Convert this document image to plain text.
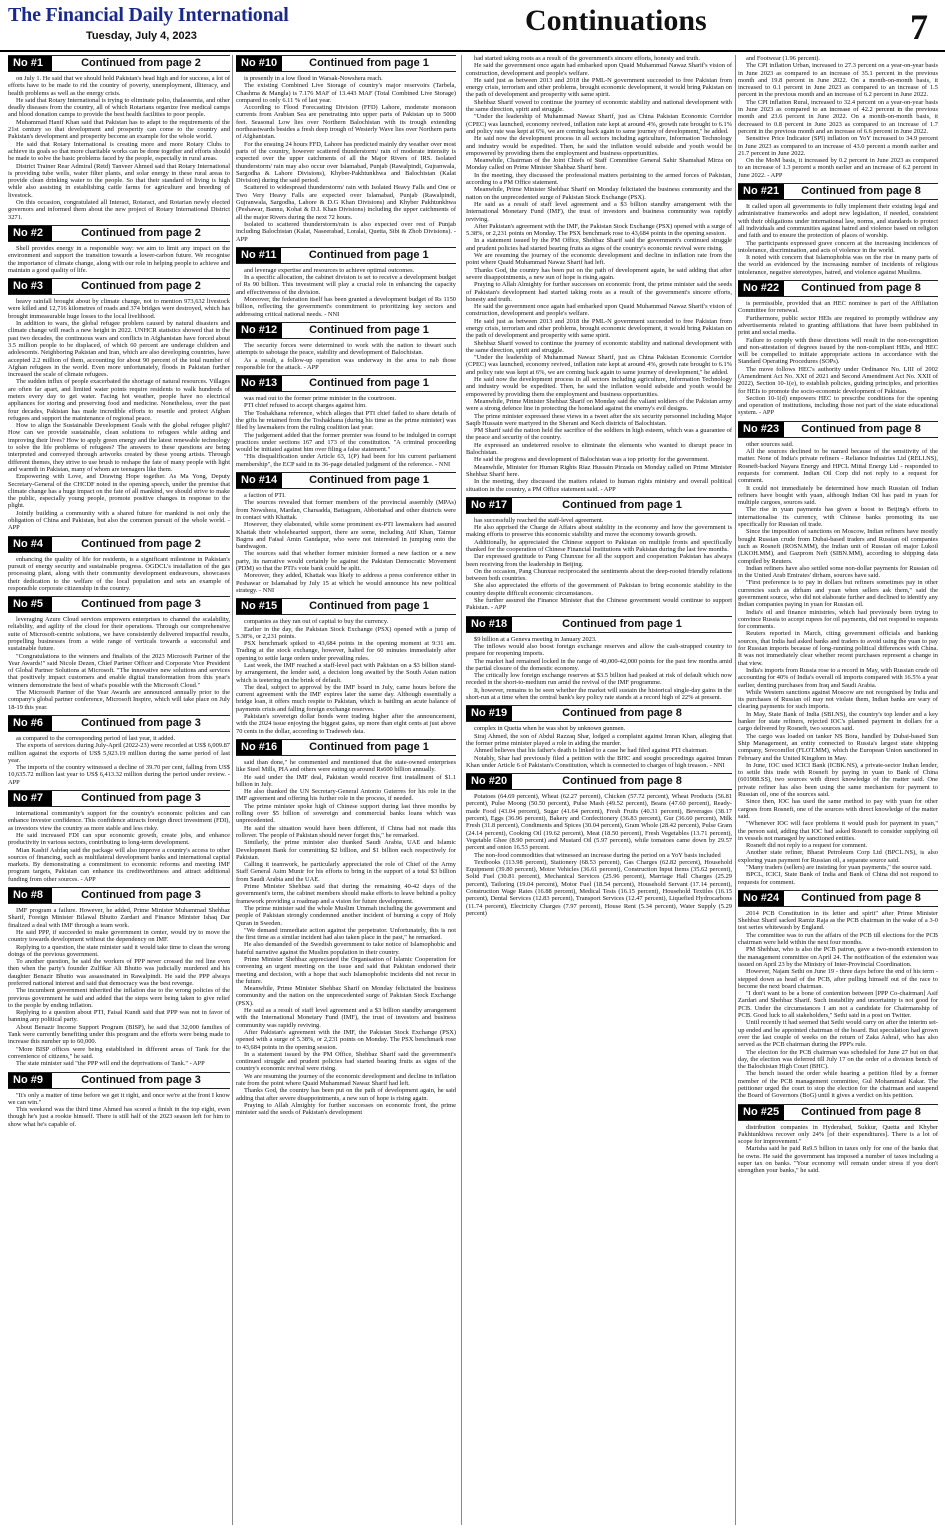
The Financial Daily International
Tuesday, July 4, 2023	Continuations	7
No #1	Continued from page 2

on July 1. He said that we should hold Pakistan's head high and for success, a lot of efforts have to be made to rid the country of poverty, unemployment, illiteracy, and health problems as well as the energy crisis.

He said that Rotary International is trying to eliminate polio, thalassemia, and other deadly diseases from the country, all of which Rotarians organize free medical camps and blood donation camps to provide the best health facilities to poor people.

Muhammad Hanif Khan said that Pakistan has to adapt to the requirements of the 21st century so that development and prosperity can come to the country and Pakistan's development and prosperity become an example for the whole world.

He said that Rotary International is creating more and more Rotary Clubs to achieve its goals so that more charitable works can be done together and efforts should be made to solve the basic problems faced by the people, especially in rural areas.

District Trainer Rear Admiral (Retd) Tanveer Ahmed said that Rotary International is providing tube wells, water filter plants, and solar energy in these rural areas to provide clean drinking water to the people. So that their standard of living is high while also assisting in establishing cattle farms for agriculture and breeding of livestock.

On this occasion, congratulated all Interact, Rotaract, and Rotarian newly elected governors and informed them about the new project of Rotary International District 3271.

No #2	Continued from page 2

Shell provides energy in a responsible way: we aim to limit any impact on the environment and support the transition towards a lower-carbon future. We recognise the importance of climate change, along with our role in helping people to achieve and maintain a good quality of life.

No #3	Continued from page 2

heavy rainfall brought about by climate change, not to mention 973,632 livestock were killed and 12,716 kilometres of roads and 374 bridges were destroyed, which has brought immeasurable huge losses to the local livelihood.

In addition to wars, the global refugee problem caused by natural disasters and climate change will reach a new height in 2022. UNHCR statistics showed that in the past two decades, the continuous wars and conflicts in Afghanistan have forced about 3.5 million people to be displaced, of which 60 percent are underage children and adolescents. Neighboring Pakistan and Iran, which are also developing countries, have accepted 2.2 million of them, accounting for about 90 percent of the total number of Afghan refugees in the world. Even more unfortunately, floods in Pakistan further increased the scale of climate refugees.

The sudden influx of people exacerbated the shortage of natural resources. Villages are often far apart, and limited water points require residents to walk hundreds of meters every day to get water. Facing hot weather, people have no electrical appliances for storing and preserving food and medicine. Nonetheless, over the past four decades, Pakistan has made incredible efforts to resettle and protect Afghan refugees and support the maintenance of regional peace.

How to align the Sustainable Development Goals with the global refugee plight? How can we provide sustainable, clean solutions to refugees while aiding and improving their lives? How to apply green energy and the latest renewable technology to solve the life problems of refugees? The answers to these questions are being interpreted and conveyed through artworks created by these young artists. Through different themes, they strive to use brush to reshape the fate of many people with light and warmth in Pakistan, many of whom are teenagers like them.

Empowering with Love, and Drawing Hope together. As Ma Yong, Deputy Secretary-General of the CHCDF noted in the opening speech, under the premise that climate change has a huge impact on the fate of all mankind, we should strive to make the public, especially young people, promote positive changes in response to the plight.

Jointly building a community with a shared future for mankind is not only the obligation of China and Pakistan, but also the common pursuit of the whole world. - APP

No #4	Continued from page 2

enhancing the quality of life for residents, is a significant milestone in Pakistan's pursuit of energy security and sustainable progress. OGDCL's installation of the gas processing plant, along with their community development endeavours, showcases their dedication to the welfare of the local population and sets an example of responsible corporate citizenship in the country.

No #5	Continued from page 3

leveraging Azure Cloud services empowers enterprises to channel the scalability, reliability, and agility of the cloud for their operations. Through our comprehensive suite of Microsoft-centric solutions, we have consistently delivered impactful results, propelling businesses from a wide range of verticals towards a successful and sustainable future.

"Congratulations to the winners and finalists of the 2023 Microsoft Partner of the Year Awards!" said Nicole Dezen, Chief Partner Officer and Corporate Vice President of Global Partner Solutions at Microsoft. "The innovative new solutions and services that positively impact customers and enable digital transformation from this year's winners demonstrate the best of what's possible with the Microsoft Cloud."

The Microsoft Partner of the Year Awards are announced annually prior to the company's global partner conference, Microsoft Inspire, which will take place on July 18-19 this year.

No #6	Continued from page 3

as compared to the corresponding period of last year, it added.

The exports of services during July-April (2022-23) were recorded at US$ 6,009.87 million against the exports of US$ 5,923.19 million during the same period of last year.

The imports of the country witnessed a decline of 39.70 per cent, falling from US$ 10,635.72 million last year to US$ 6,413.32 million during the period under review. - APP

No #7	Continued from page 3

international community's support for the country's economic policies and can enhance investor confidence. This confidence attracts foreign direct investment (FDI), as investors view the country as more stable and less risky.

He said increased FDI can spur economic growth, create jobs, and enhance productivity in various sectors, contributing to long-term development.

Mian Kashif Ashfaq said the package will also improve a country's access to other sources of financing, such as multilateral development banks and international capital markets. By demonstrating a commitment to economic reforms and meeting IMF program targets, Pakistan can enhance its creditworthiness and attract additional funding from other sources. - APP

No #8	Continued from page 3

IMF program a failure. However, he added, Prime Minister Muhammad Shehbaz Sharif, Foreign Minister Bilawal Bhutto Zardari and Finance Minister Ishaq Dar finalized a deal with IMF through a team work.

He said PPP, if succeeded to make government in center, would try to move the country towards development without the dependency on IMF.

Replying to a question, the state minister said it would take time to clean the wrong doings of the previous government.

To another question, he said the workers of PPP never crossed the red line even then when the party's founder Zulfikar Ali Bhutto was judicially murdered and his daughter Benazir Bhutto was assassinated in Rawalpindi. He said the PPP always preferred national interest and said that democracy was the best revenge.

The incumbent government inherited the inflation due to the wrong policies of the previous government he said and added that the steps were being taken to give relief to the people by ending inflation.

Replying to a question about PTI, Faisal Kundi said that PPP was not in favor of banning any political party.

About Benazir Income Support Program (BISP), he said that 32,000 families of Tank were currently benefiting under this program and the efforts were being made to increase this number up to 60,000.

"More BISP offices were being established in different areas of Tank for the convenience of citizens," he said.

The state minister said "the PPP will end the deprivations of Tank." - APP

No #9	Continued from page 3

"It's only a matter of time before we get it right, and once we're at the front I know we can win."

This weekend was the third time Ahmed has scored a finish in the top eight, even though he's just a rookie himself. There is still half of the 2023 season left for him to show what he's capable of.

No #10	Continued from page 1

is presently in a low flood in Warsak-Nowshera reach.

The existing Combined Live Storage of country's major reservoirs (Tarbela, Chashma & Mangla) is 7.176 MAF of 13.443 MAF (Total Combined Live Storage) compared to only 6.11 % of last year.

According to Flood Forecasting Division (FFD) Lahore, moderate monsoon currents from Arabian Sea are penetrating into upper parts of Pakistan up to 5000 feet. Seasonal Low lies over Northern Balochistan with its trough extending northeastwards besides a fresh deep trough of Westerly Wave lies over Northern parts of Afghanistan.

For the ensuing 24 hours FFD, Lahore has predicted mainly dry weather over most parts of the country, however scattered thunderstorm/ rain of moderate intensity is expected over the upper catchments of all the Major Rivers of IRS. Isolated thunderstorm/ rain may also occur over Islamabad, Punjab (Rawalpindi, Gujranwala, Sargodha & Lahore Divisions), Khyber-Pakhtunkhwa and Balochistan (Kalat Division) during the said period.

Scattered to widespread thunderstorm/ rain with Isolated Heavy Falls and One or Two Very Heavy Falls are expected over Islamabad, Punjab (Rawalpindi, Gujranwala, Sargodha, Lahore & D.G Khan Divisions) and Khyber Pakhtunkhwa (Peshawar, Bannu, Kohat & D.I. Khan Divisions) including the upper catchments of all the major Rivers during the next 72 hours.

Isolated to scattered thunderstorm/rain is also expected over rest of Punjab including Balochistan (Kalat, Naseerabad, Loralai, Quetta, Sibi & Zhob Divisions). - APP

No #11	Continued from page 1

and leverage expertise and resources to achieve optimal outcomes.

In a specific allocation, the cabinet division is set to receive a development budget of Rs 90 billion. This investment will play a crucial role in enhancing the capacity and effectiveness of the division.

Moreover, the federation itself has been granted a development budget of Rs 1150 billion, reflecting the government's commitment to prioritizing key sectors and addressing critical national needs. - NNI

No #12	Continued from page 1

The security forces were determined to work with the nation to thwart such attempts to sabotage the peace, stability and development of Balochistan.

As a result, a follow-up operation was underway in the area to nab those responsible for the attack. - APP

No #13	Continued from page 1

was read out to the former prime minister in the courtroom.

PTI chief refused to accept charges against him.

The Toshakhana reference, which alleges that PTI chief failed to share details of the gifts he retained from the Toshakhana (during his time as the prime minister) was filed by lawmakers from the ruling coalition last year.

The judgement added that the former premier was found to be indulged in corrupt practices under sections 167 and 173 of the constitution. "A criminal proceeding would be initiated against him over filing a false statement."

"His disqualification under Article 63, 1(P) had been for his current parliament membership", the ECP said in its 36-page detailed judgment of the reference. - NNI

No #14	Continued from page 1

a faction of PTI.

The sources revealed that former members of the provincial assembly (MPAs) from Nowshera, Mardan, Charsadda, Battagram, Abbottabad and other districts were in contact with Khattak.

However, they elaborated, while some prominent ex-PTI lawmakers had assured Khattak their wholehearted support, there are some, including Atif Khan, Taimur Bagrra and Faisal Amin Gandapur, who were not interested in jumping onto the bandwagon.

The sources said that whether former minister formed a new faction or a new party, its narrative would certainly be against the Pakistan Democratic Movement (PDM) so that the PTI's vote bank could be split.

Moreover, they added, Khattak was likely to address a press conference either in Peshawar or Islamabad by July 15 at which he would announce his new political strategy. - NNI

No #15	Continued from page 1

companies as they ran out of capital to buy the currency.

Earlier in the day, the Pakistan Stock Exchange (PSX) opened with a jump of 5.38%, or 2,231 points.

PSX benchmark spiked to 43,684 points in the opening moment at 9:31 am. Trading at the stock exchange, however, halted for 60 minutes immediately after opening to settle large orders under prevailing rules.

Last week, the IMF reached a staff-level pact with Pakistan on a $3 billion stand-by arrangement, the lender said, a decision long awaited by the South Asian nation which is teetering on the brink of default.

The deal, subject to approval by the IMF board in July, came hours before the current agreement with the IMF expires later the same day. Although essentially a bridge loan, it offers much respite to Pakistan, which is battling an acute balance of payments crisis and falling foreign exchange reserves.

Pakistan's sovereign dollar bonds were trading higher after the announcement, with the 2024 issue enjoying the biggest gains, up more than eight cents at just above 70 cents in the dollar, according to Tradeweb data.

No #16	Continued from page 1

said than done," he commented and mentioned that the state-owned enterprises like Steel Mills, PIA and others were eating up around Rs600 billion annually.

He said under the IMF deal, Pakistan would receive first installment of $1.1 billion in July.

He also thanked the UN Secretary-General Antonio Guterres for his role in the IMF agreement and offering his further role in the process, if needed.

The prime minister spoke high of Chinese support during last three months by rolling over $5 billion of sovereign and commercial banks loans which was unprecedented.

He said the situation would have been different, if China had not made this rollover. The people of Pakistan should never forget this," he remarked.

Similarly, the prime minister also thanked Saudi Arabia, UAE and Islamic Development Bank for committing $2 billion, and $1 billion each respectively for Pakistan.

Calling it teamwork, he particularly appreciated the role of Chief of the Army Staff General Asim Munir for his efforts to bring in the support of a total $3 billion from Saudi Arabia and the UAE.

Prime Minister Shehbaz said that during the remaining 40-42 days of the government's term, the cabinet members should make efforts to leave behind a policy framework providing a roadmap and a vision for future development.

The prime minister said the whole Muslim Ummah including the government and people of Pakistan strongly condemned another incident of burning a copy of Holy Quran in Sweden.

"We demand immediate action against the perpetrator. Unfortunately, this is not the first time as a similar incident had also taken place in the past," he remarked.

He also demanded of the Swedish government to take notice of Islamophobic and hateful narrative against the Muslim population in their country.

Prime Minister Shehbaz appreciated the Organisation of Islamic Cooperation for convening an urgent meeting on the issue and said that Pakistan endorsed their meeting and decision, with a hope that such Islamophobic incidents did not recur in the future.

Meanwhile, Prime Minister Shehbaz Sharif on Monday felicitated the business community and the nation on the unprecedented surge of Pakistan Stock Exchange (PSX).

He said as a result of staff level agreement and a $3 billion standby arrangement with the International Monetary Fund (IMF), the trust of investors and business community was rapidly reviving.

After Pakistan's agreement with the IMF, the Pakistan Stock Exchange (PSX) opened with a surge of 5.38%, or 2,231 points on Monday. The PSX benchmark rose to 43,684 points in the opening session.

In a statement issued by the PM Office, Shehbaz Sharif said the government's continued struggle and prudent policies had started bearing fruits as signs of the country's economic revival were rising.

We are resuming the journey of the economic development and decline in inflation rate from the point where Quaid Muhammad Nawaz Sharif had left.

Thanks God, the country has been put on the path of development again, he said adding that after severe disappointments, a new sun of hope is rising again.

Praying to Allah Almighty for further successes on economic front, the prime minister said the seeds of Pakistan's development

had started taking roots as a result of the government's sincere efforts, honesty and truth.

He said the government once again had embarked upon Quaid Muhammad Nawaz Sharif's vision of construction, development and people's welfare.

He said just as between 2013 and 2018 the PML-N government succeeded to free Pakistan from energy crisis, terrorism and other problems, brought economic development, it would bring Pakistan on the path of development and prosperity with same spirit.

Shehbaz Sharif vowed to continue the journey of economic stability and national development with the same direction, spirit and struggle.

"Under the leadership of Muhammad Nawaz Sharif, just as China Pakistan Economic Corridor (CPEC) was launched, economy revived, inflation rate kept at around 4%, growth rate brought to 6.1% and policy rate was kept at 6%, we are coming back again to same journey of development," he added.

He said now the development process in all sectors including agriculture, Information Technology and industry would be expedited. Then, he said the inflation would subside and youth would be empowered by providing them the employment and business opportunities.

Meanwhile, Chairman of the Joint Chiefs of Staff Committee General Sahir Shamshad Mirza on Monday called on Prime Minister Shahbaz Sharif here.

In the meeting, they discussed the professional matters pertaining to the armed forces of Pakistan, according to a PM Office statement.

Meanwhile, Prime Minister Shehbaz Sharif on Monday felicitated the business community and the nation on the unprecedented surge of Pakistan Stock Exchange (PSX).

He said as a result of staff level agreement and a $3 billion standby arrangement with the International Monetary Fund (IMF), the trust of investors and business community was rapidly reviving.

After Pakistan's agreement with the IMF, the Pakistan Stock Exchange (PSX) opened with a surge of 5.38%, or 2,231 points on Monday. The PSX benchmark rose to 43,684 points in the opening session.

In a statement issued by the PM Office, Shehbaz Sharif said the government's continued struggle and prudent policies had started bearing fruits as signs of the country's economic revival were rising.

We are resuming the journey of the economic development and decline in inflation rate from the point where Quaid Muhammad Nawaz Sharif had left.

Thanks God, the country has been put on the path of development again, he said adding that after severe disappointments, a new sun of hope is rising again.

Praying to Allah Almighty for further successes on economic front, the prime minister said the seeds of Pakistan's development had started taking roots as a result of the government's sincere efforts, honesty and truth.

He said the government once again had embarked upon Quaid Muhammad Nawaz Sharif's vision of construction, development and people's welfare.

He said just as between 2013 and 2018 the PML-N government succeeded to free Pakistan from energy crisis, terrorism and other problems, brought economic development, it would bring Pakistan on the path of development and prosperity with same spirit.

Shehbaz Sharif vowed to continue the journey of economic stability and national development with the same direction, spirit and struggle.

"Under the leadership of Muhammad Nawaz Sharif, just as China Pakistan Economic Corridor (CPEC) was launched, economy revived, inflation rate kept at around 4%, growth rate brought to 6.1% and policy rate was kept at 6%, we are coming back again to same journey of development," he added.

He said now the development process in all sectors including agriculture, Information Technology and industry would be expedited. Then, he said the inflation would subside and youth would be empowered by providing them the employment and business opportunities.

Meanwhile, Prime Minister Shehbaz Sharif on Monday said the valiant soldiers of the Pakistan army were a strong defence line in protecting the homeland against the enemy's evil designs.

The prime minister expressed these views in a tweet after the six security personnel including Major Saqib Hussain were martyred in the Sherani and Kech districts of Balochistan.

PM Sharif said the nation held the sacrifice of the soldiers in high esteem, which was a guarantee of the peace and security of the country.

He expressed an undeterred resolve to eliminate the elements who wanted to disrupt peace in Balochistan.

He said the progress and development of Balochistan was a top priority for the government.

Meanwhile, Minister for Human Rights Riaz Hussain Pirzada on Monday called on Prime Minister Shehbaz Sharif here.

In the meeting, they discussed the matters related to human rights ministry and overall political situation in the country, a PM Office statement said. - APP

No #17	Continued from page 1

has successfully reached the staff-level agreement.

He also apprised the Charge de Affairs about stability in the economy and how the government is making efforts to preserve this economic stability and move the economy towards growth.

Additionally, he appreciated the Chinese support to Pakistan on multiple fronts and specifically thanked for the cooperation of Chinese Financial Institutions with Pakistan during the last few months.

Dar expressed gratitude to Pang Chunxue for all the support and cooperation Pakistan has always been receiving from the leadership in Beijing.

On the occasion, Pang Chunxue reciprocated the sentiments about the deep-rooted friendly relations between both countries.

She also appreciated the efforts of the government of Pakistan to bring economic stability to the country despite difficult economic circumstances.

She further assured the Finance Minister that the Chinese government would continue to support Pakistan. - APP

No #18	Continued from page 1

$9 billion at a Geneva meeting in January 2023.

The inflows would also boost foreign exchange reserves and allow the cash-strapped country to prepare for reopening imports.

The market had remained locked in the range of 40,000-42,000 points for the past few months amid the partial closure of the domestic economy.

The critically low foreign exchange reserves at $3.5 billion had peaked at risk of default which now receded in the short-to-medium run amid the revival of the IMF programme.

It, however, remains to be seen whether the market will sustain the historical single-day gains in the short-run at a time when the central bank's key policy rate stands at a record high of 22% at present.

No #19	Continued from page 8

complex in Quetta when he was shot by unknown gunmen.

Siraj Ahmed, the son of Abdul Razzaq Shar, lodged a complaint against Imran Khan, alleging that the former prime minister played a role in aiding the murder.

Ahmed believes that his father's death is linked to a case he had filed against PTI chairman.

Notably, Shar had previously filed a petition with the BHC and sought proceedings against Imran Khan under Article 6 of Pakistan's Constitution, which is connected to charges of high treason. - NNI

No #20	Continued from page 8

Potatoes (64.69 percent), Wheat (62.27 percent), Chicken (57.72 percent), Wheat Products (56.81 percent), Pulse Moong (50.50 percent), Pulse Mash (49.52 percent), Beans (47.60 percent), Ready-made Food (43.04 percent), Sugar (41.64 percent), Fresh Fruits (40.31 percent), Beverages (38.17 percent), Eggs (36.96 percent), Bakery and Confectionery (36.83 percent), Gur (36.60 percent), Milk Fresh (31.8 percent), Condiments and Spices (30.04 percent), Gram Whole (28.42 percent), Pulse Gram (24.14 percent), Cooking Oil (19.62 percent), Meat (18.50 percent), Fresh Vegetables (13.71 percent), Vegetable Ghee (8.90 percent) and Mustard Oil (5.97 percent), while tomatoes came down by 29.57 percent and onion 16.53 percent.

The non-food commodities that witnessed an increase during the period on a YoY basis included

Textbooks (113.98 percent), Stationery (68.53 percent), Gas Charges (62.82 percent), Household Equipment (39.80 percent), Motor Vehicles (36.61 percent), Construction Input Items (35.62 percent), Solid Fuel (30.81 percent), Mechanical Services (25.96 percent), Marriage Hall Charges (25.29 percent), Tailoring (19.04 percent), Motor Fuel (18.54 percent), Household Servant (17.14 percent), Construction Wage Rates (16.88 percent), Medical Tests (16.15 percent), Household Textiles (16.15 percent), Dental Services (12.83 percent), Transport Services (12.47 percent), Liquefied Hydrocarbons (11.74 percent), Electricity Charges (7.97 percent), House Rent (5.34 percent), Water Supply (5.29 percent)

and Footwear (1.96 percent).

The CPI inflation Urban, increased to 27.3 percent on a year-on-year basis in June 2023 as compared to an increase of 35.1 percent in the previous month and 19.8 percent in June 2022. On a month-on-month basis, it increased to 0.1 percent in June 2023 as compared to an increase of 1.5 percent in the previous month and an increase of 6.2 percent in June 2022.

The CPI inflation Rural, increased to 32.4 percent on a year-on-year basis in June 2023 as compared to an increase of 42.2 percent in the previous month and 23.6 percent in June 2022. On a month-on-month basis, it decreased to 0.8 percent in June 2023 as compared to an increase of 1.7 percent in the previous month and an increase of 6.6 percent in June 2022.

Sensitive Price Indicator (SPI) inflation on YoY increased to 34.9 percent in June 2023 as compared to an increase of 43.0 percent a month earlier and 21.7 percent in June 2022.

On the MoM basis, it increased by 0.2 percent in June 2023 as compared to an increase of 1.3 percent a month earlier and an increase of 6.2 percent in June 2022. - APP

No #21	Continued from page 8

It called upon all governments to fully implement their existing legal and administrative frameworks and adopt new legislation, if needed, consistent with their obligations under international law, norms, and standards to protect all individuals and communities against hatred and violence based on religion and faith and to ensure the protection of places of worship.

The participants expressed grave concern at the increasing incidences of intolerance, discrimination, and acts of violence in the world.

It noted with concern that Islamophobia was on the rise in many parts of the world as evidenced by the increasing number of incidents of religious intolerance, negative stereotypes, hatred, and violence against Muslims.

No #22	Continued from page 8

is permissible, provided that an HEC nominee is part of the Affiliation Committee for renewal.

Furthermore, public sector HEIs are required to promptly withdraw any advertisements related to granting affiliations that have been published in print and social media.

Failure to comply with these directions will result in the non-recognition and non-attestation of degrees issued by the non-compliant HEIs, and HEC will be compelled to initiate appropriate actions in accordance with the Standard Operating Procedures (SOPs).

The move follows HEC's authority under Ordinance No. LIII of 2002 (Amendment Act No. XXI of 2021 and Second Amendment Act No. XXII of 2022), Section 10-1(e), to establish policies, guiding principles, and priorities for HEIs to promote the socio-economic development of Pakistan.

Section 10-1(d) empowers HEC to prescribe conditions for the opening and operation of institutions, including those not part of the state educational system. - APP

No #23	Continued from page 8

other sources said.

All the sources declined to be named because of the sensitivity of the matter. None of India's private refiners - Reliance Industries Ltd (RELI.NS), Rosneft-backed Nayara Energy and HPCL Mittal Energy Ltd - responded to requests for comment. Indian Oil Corp did not reply to a request for comment.

It could not immediately be determined how much Russian oil Indian refiners have bought with yuan, although Indian Oil has paid in yuan for multiple cargoes, sources said.

The rise in yuan payments has given a boost to Beijing's efforts to internationalise its currency, with Chinese banks promoting its use specifically for Russian oil trade.

Since the imposition of sanctions on Moscow, Indian refiners have mostly bought Russian crude from Dubai-based traders and Russian oil companies such as Rosneft (ROSN.MM), the Indian unit of Russian oil major Lukoil (LKOH.MM), and Gazprom Neft (SIBN.MM), according to shipping data compiled by Reuters.

Indian refiners have also settled some non-dollar payments for Russian oil in the United Arab Emirates' dirham, sources have said.

"First preference is to pay in dollars but refiners sometimes pay in other currencies such as dirham and yuan when sellers ask them," said the government source, who did not elaborate further and declined to identify any Indian companies paying in yuan for Russian oil.

India's oil and finance ministries, which had previously been trying to convince Russia to accept rupees for oil payments, did not respond to requests for comments.

Reuters reported in March, citing government officials and banking sources, that India had asked banks and traders to avoid using the yuan to pay for Russian imports because of long-running political differences with China. It was not immediately clear whether recent purchases represent a change in that view.

India's imports from Russia rose to a record in May, with Russian crude oil accounting for 40% of India's overall oil imports compared with 16.5% a year earlier, denting purchases from Iraq and Saudi Arabia.

While Western sanctions against Moscow are not recognised by India and its purchases of Russian oil may not violate them, Indian banks are wary of clearing payments for such imports.

In May, State Bank of India (SBI.NS), the country's top lender and a key banker for state refiners, rejected IOC's planned payment in dollars for a cargo delivered by Rosneft, two sources said.

The cargo was loaded on tanker NS Bora, handled by Dubai-based Sun Ship Management, an entity connected to Russia's largest state shipping company, Sovcomflot (FLOT.MM), which the European Union sanctioned in February and the United Kingdom in May.

In June, IOC used ICICI Bank (ICBK.NS), a private-sector Indian lender, to settle this trade with Rosneft by paying in yuan to Bank of China (601988.SS), two sources with direct knowledge of the matter said. One private refiner has also been using the same mechanism for payment to Russian oil, one of the sources said.

Since then, IOC has used the same method to pay with yuan for other cargoes from Rosneft, one of the sources with direct knowledge of the matter said.

"Whenever IOC will face problems it would push for payment in yuan," the person said, adding that IOC had asked Rosneft to consider supplying oil in vessels not managed by sanctioned entities.

Rosneft did not reply to a request for comment.

Another state refiner, Bharat Petroleum Corp Ltd (BPCL.NS), is also exploring yuan payment for Russian oil, a separate source said.

"Many traders (sellers) are insisting for yuan payments," the source said.

BPCL, ICICI, State Bank of India and Bank of China did not respond to requests for comment.

No #24	Continued from page 8

2014 PCB Constitution in its letter and spirit" after Prime Minister Shehbaz Sharif sacked Ramiz Raja as the PCB chairman in the wake of a 3-0 test series whitewash by England.

The committee was to run the affairs of the PCB till elections for the PCB chairman were held within the next four months.

PM Shehbaz, who is also the PCB patron, gave a two-month extension to the management committee on April 24. The notification of the extension was issued on April 23 by the Ministry of Inter-Provincial Coordination.

However, Najam Sethi on June 19 - three days before the end of his term - stepped down as head of the PCB, after pulling himself out of the race to become the next board chairman.

"I don't want to be a bone of contention between [PPP Co-chairman] Asif Zardari and Shehbaz Sharif. Such instability and uncertainty is not good for PCB. Under the circumstances I am not a candidate for Chairmanship of PCB. Good luck to all stakeholders," Sethi said in a post on Twitter.

Until recently it had seemed that Sethi would carry on after the interim set-up ended and be appointed chairman of the board. But speculation had grown over the last couple of weeks on the return of Zaka Ashraf, who has also served as the PCB chairman during the PPP's rule.

The election for the PCB chairman was scheduled for June 27 but on that day, the election was deferred till July 17 on the order of a division bench of the Balochistan High Court (BHC).

The bench issued the order while hearing a petition filed by a former member of the PCB management committee, Gul Mohammad Kakar. The petitioner urged the court to stop the election for the chairman and suspend the Board of Governors (BoG) until it gives a verdict on his petition.

No #25	Continued from page 8

distribution companies in Hyderabad, Sukkur, Quetta and Khyber Pakhtunkhwa recover only 24% [of their expenditures]. There is a lot of scope for improvement."

Marisha said he paid Rs9.5 billion in taxes only for one of the banks that he owns. He said the government has imposed a number of taxes including a super tax on banks. "Your economy will remain under stress if you don't strengthen your banks," he said.
